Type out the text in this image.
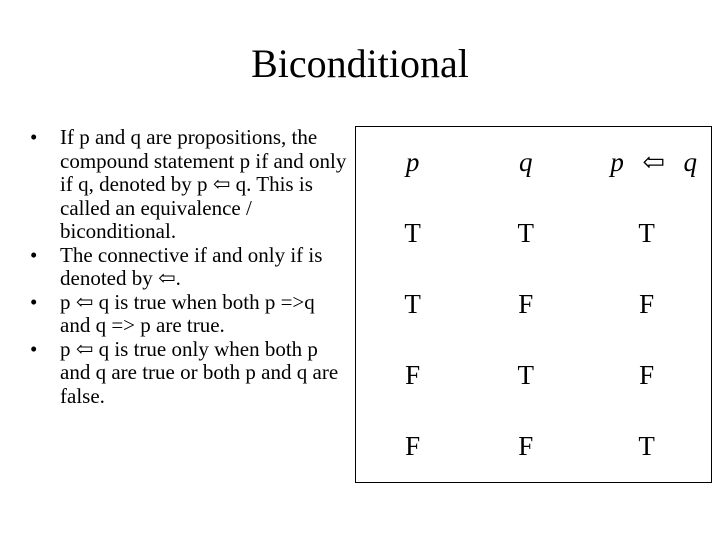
Biconditional
• If p and q are propositions, the compound statement p if and only if q, denoted by p ⇦ q. This is called an equivalence / biconditional.
• The connective if and only if is denoted by ⇦.
• p ⇦ q is true when both p =>q and q => p are true.
• p ⇦ q is true only when both p and q are true or both p and q are false.
p	q	p ⇦ q

T	T	T
T	F	F
F	T	F
F	F	T
